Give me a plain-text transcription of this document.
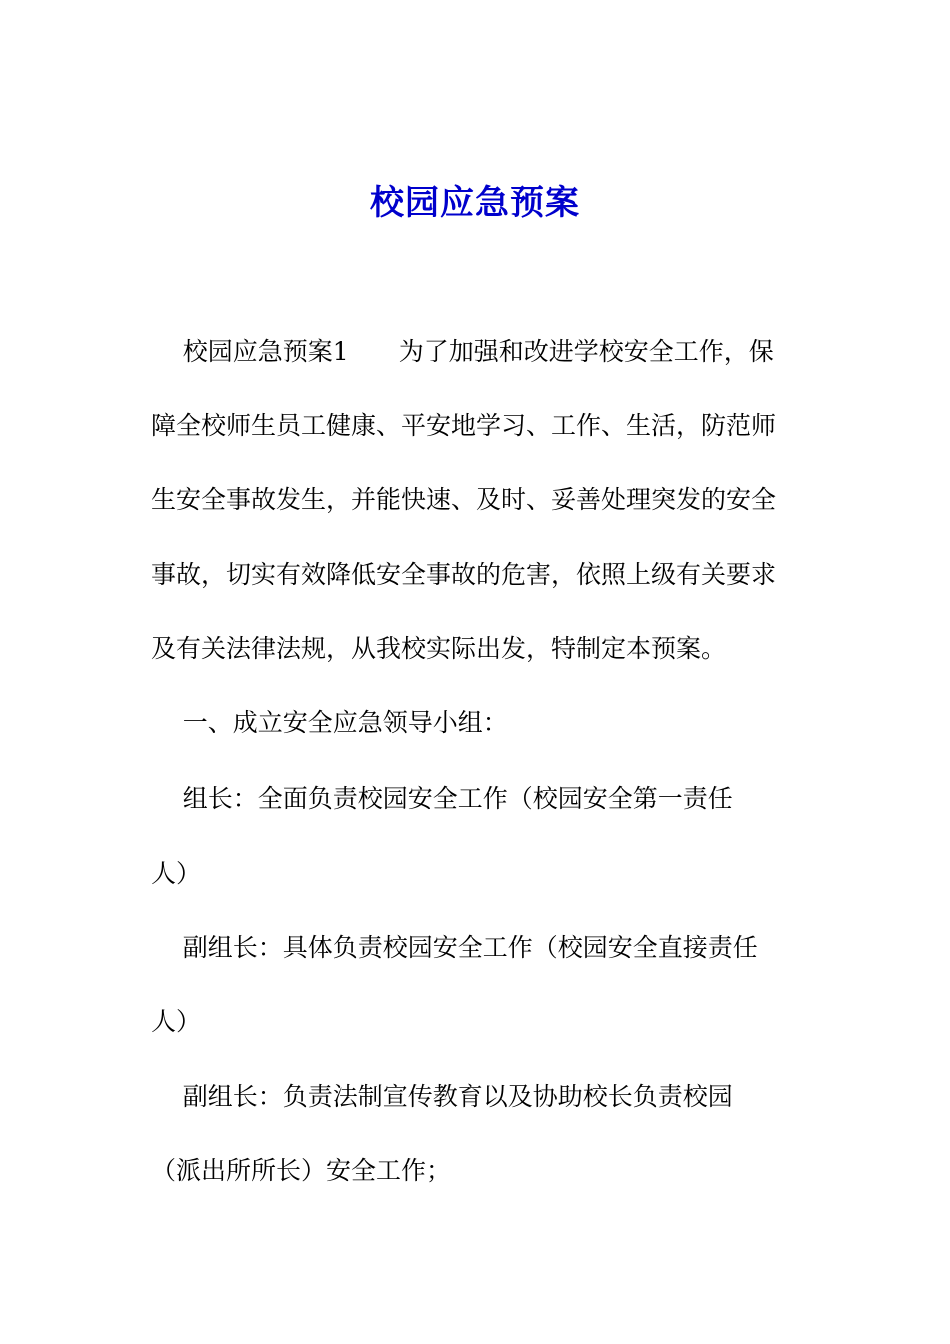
校园应急预案

校园应急预案1　　为了加强和改进学校安全工作，保

障全校师生员工健康、平安地学习、工作、生活，防范师

生安全事故发生，并能快速、及时、妥善处理突发的安全

事故，切实有效降低安全事故的危害，依照上级有关要求

及有关法律法规，从我校实际出发，特制定本预案。

一、成立安全应急领导小组：

组长：全面负责校园安全工作（校园安全第一责任

人）

副组长：具体负责校园安全工作（校园安全直接责任

人）

副组长：负责法制宣传教育以及协助校长负责校园

（派出所所长）安全工作；
